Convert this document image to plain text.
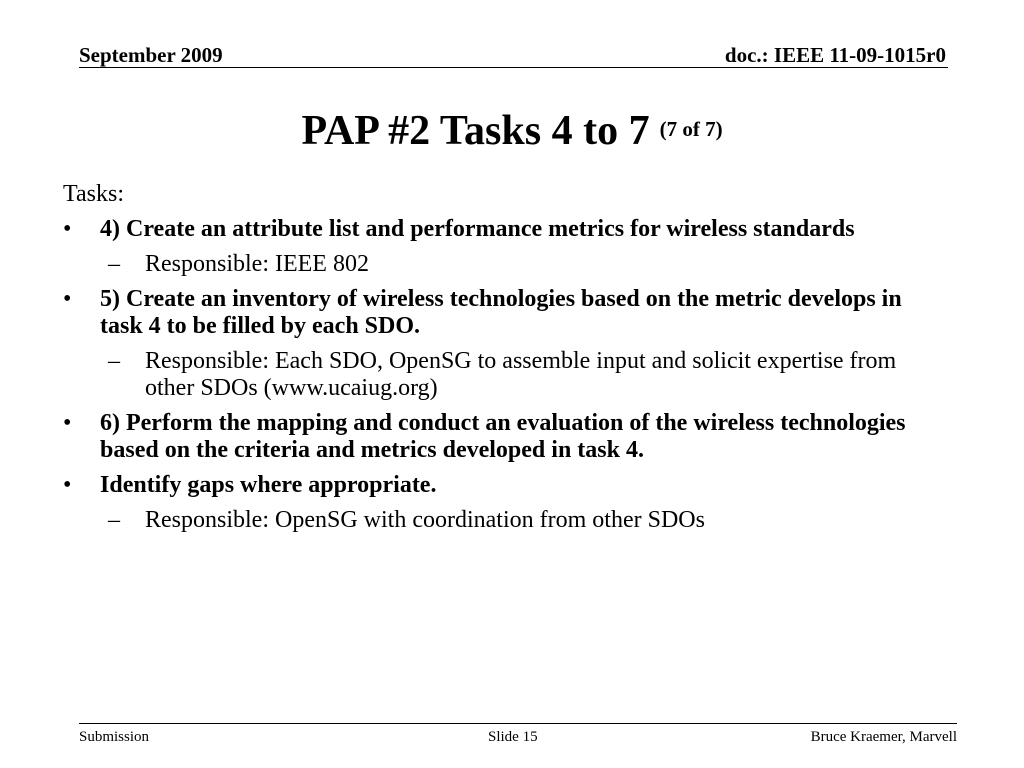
September 2009	doc.: IEEE 11-09-1015r0
PAP #2 Tasks 4 to 7 (7 of 7)
Tasks:
• 4) Create an attribute list and performance metrics for wireless standards
– Responsible: IEEE 802
• 5) Create an inventory of wireless technologies based on the metric develops in task 4 to be filled by each SDO.
– Responsible: Each SDO, OpenSG to assemble input and solicit expertise from other SDOs (www.ucaiug.org)
• 6) Perform the mapping and conduct an evaluation of the wireless technologies based on the criteria and metrics developed in task 4.
• Identify gaps where appropriate.
– Responsible: OpenSG with coordination from other SDOs
Submission	Slide 15	Bruce Kraemer, Marvell
